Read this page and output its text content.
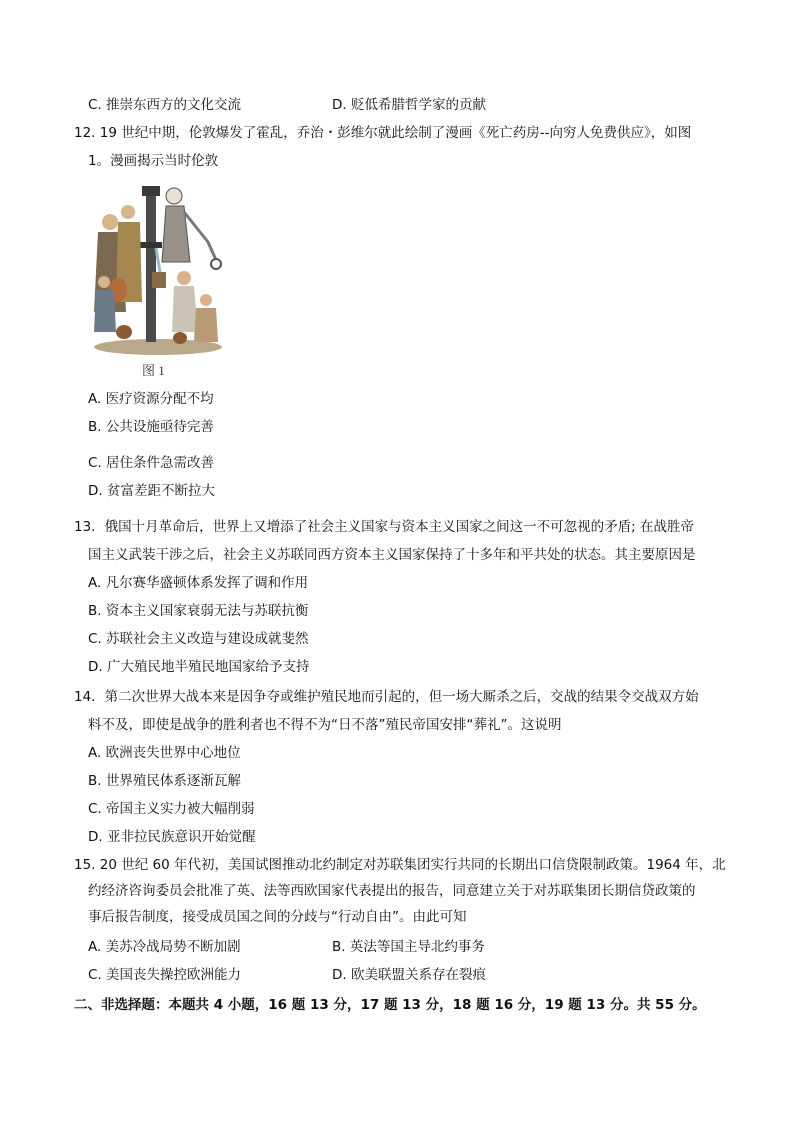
C. 推崇东西方的文化交流	D. 贬低希腊哲学家的贡献
12. 19 世纪中期，伦敦爆发了霍乱，乔治・彭维尔就此绘制了漫画《死亡药房--向穷人免费供应》，如图
1。漫画揭示当时伦敦
图 1
A. 医疗资源分配不均
B. 公共设施亟待完善
C. 居住条件急需改善
D. 贫富差距不断拉大
13．俄国十月革命后，世界上又增添了社会主义国家与资本主义国家之间这一不可忽视的矛盾; 在战胜帝
国主义武装干涉之后，社会主义苏联同西方资本主义国家保持了十多年和平共处的状态。其主要原因是
A. 凡尔赛华盛顿体系发挥了调和作用
B. 资本主义国家衰弱无法与苏联抗衡
C. 苏联社会主义改造与建设成就斐然
D. 广大殖民地半殖民地国家给予支持
14．第二次世界大战本来是因争夺或维护殖民地而引起的，但一场大厮杀之后，交战的结果令交战双方始
料不及，即使是战争的胜利者也不得不为“日不落”殖民帝国安排“葬礼”。这说明
A. 欧洲丧失世界中心地位
B. 世界殖民体系逐渐瓦解
C. 帝国主义实力被大幅削弱
D. 亚非拉民族意识开始觉醒
15. 20 世纪 60 年代初，美国试图推动北约制定对苏联集团实行共同的长期出口信贷限制政策。1964 年，北
约经济咨询委员会批准了英、法等西欧国家代表提出的报告，同意建立关于对苏联集团长期信贷政策的
事后报告制度，接受成员国之间的分歧与“行动自由”。由此可知
A. 美苏冷战局势不断加剧	B. 英法等国主导北约事务
C. 美国丧失操控欧洲能力	D. 欧美联盟关系存在裂痕
二、非选择题：本题共 4 小题，16 题 13 分，17 题 13 分，18 题 16 分，19 题 13 分。共 55 分。
